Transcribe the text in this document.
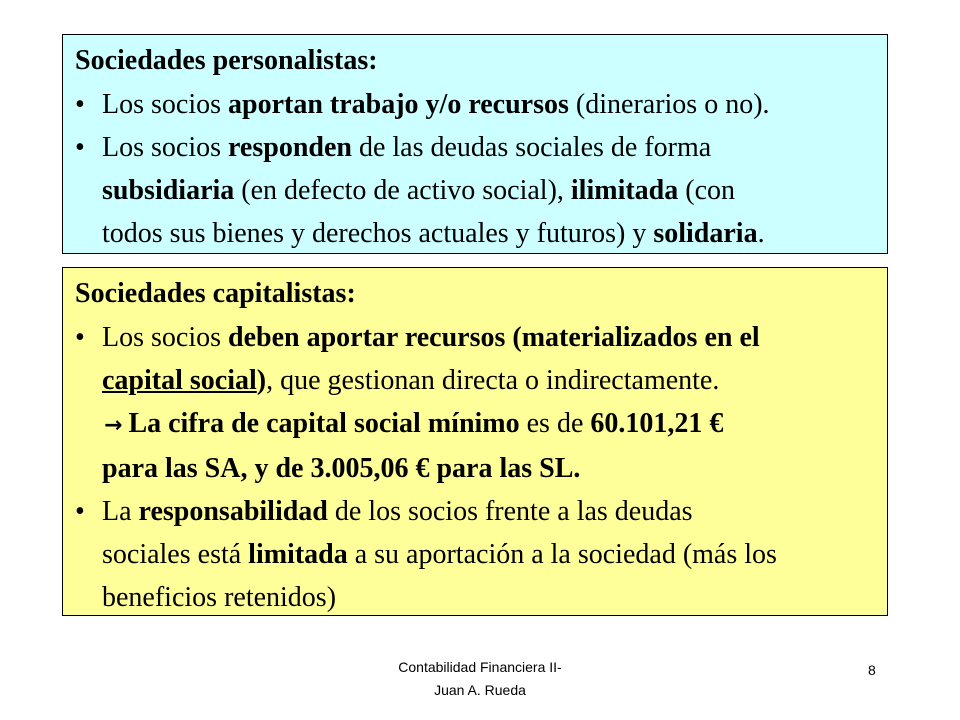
Sociedades personalistas:

• Los socios aportan trabajo y/o recursos (dinerarios o no).
• Los socios responden de las deudas sociales de forma
subsidiaria (en defecto de activo social), ilimitada (con
todos sus bienes y derechos actuales y futuros) y solidaria.

Sociedades capitalistas:

• Los socios deben aportar recursos (materializados en el
capital social), que gestionan directa o indirectamente.
→ La cifra de capital social mínimo es de 60.101,21 €
para las SA, y de 3.005,06 € para las SL.
• La responsabilidad de los socios frente a las deudas
sociales está limitada a su aportación a la sociedad (más los
beneficios retenidos)
Contabilidad Financiera II-
Juan A. Rueda
8
